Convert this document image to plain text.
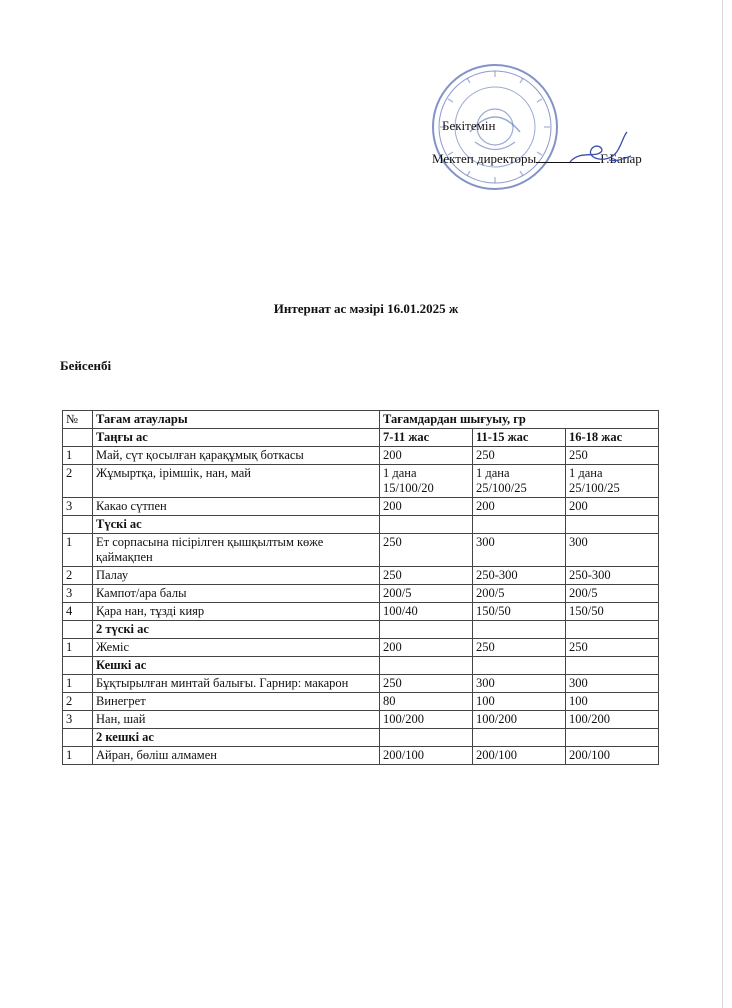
Бекітемін
Мектеп директоры	Г.Бапар
Интернат ас мәзірі 16.01.2025 ж
Бейсенбі
№	Тағам атаулары	Тағамдардан шығуыу, гр		
	Таңғы ас	7-11 жас	11-15 жас	16-18 жас
1	Май, сүт қосылған қарақұмық боткасы	200	250	250
2	Жұмыртқа, ірімшік, нан, май	1 дана 15/100/20	1 дана 25/100/25	1 дана 25/100/25
3	Какао сүтпен	200	200	200
	Түскі ас			
1	Ет сорпасына пісірілген қышқылтым көже қаймақпен	250	300	300
2	Палау	250	250-300	250-300
3	Кампот/ара балы	200/5	200/5	200/5
4	Қара нан, тұзді кияр	100/40	150/50	150/50
	2 түскі ас			
1	Жеміс	200	250	250
	Кешкі ас			
1	Бұқтырылған минтай балығы. Гарнир: макарон	250	300	300
2	Винегрет	80	100	100
3	Нан, шай	100/200	100/200	100/200
	2 кешкі ас			
1	Айран, бөліш алмамен	200/100	200/100	200/100
